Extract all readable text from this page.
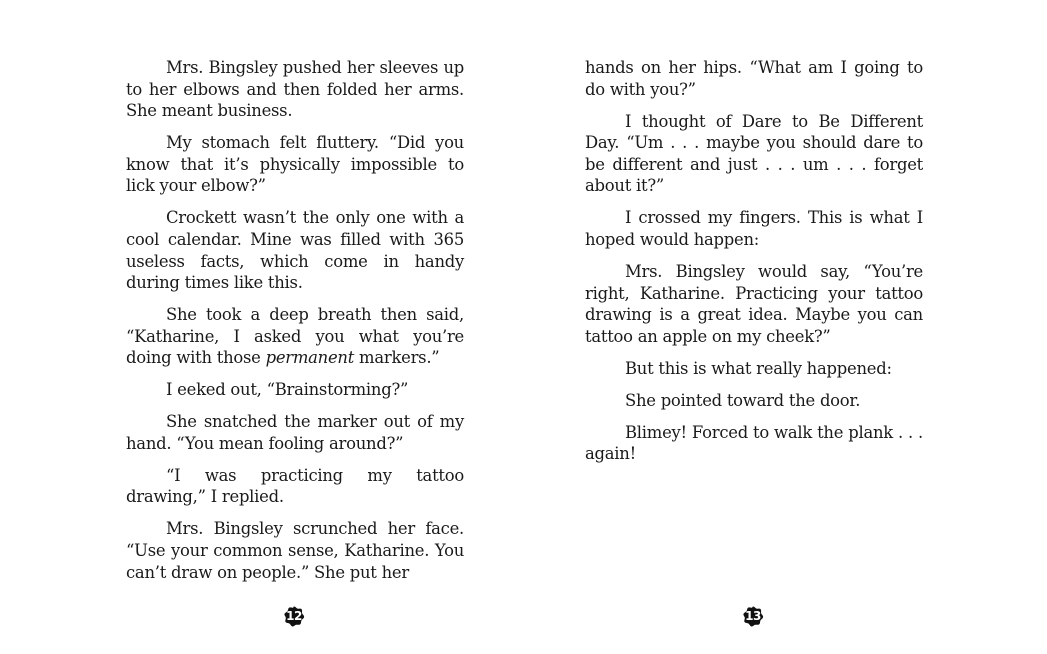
Mrs. Bingsley pushed her sleeves up to her elbows and then folded her arms. She meant business.

My stomach felt fluttery. “Did you know that it’s physically impossible to lick your elbow?”

Crockett wasn’t the only one with a cool calendar. Mine was filled with 365 useless facts, which come in handy during times like this.

She took a deep breath then said, “Katharine, I asked you what you’re doing with those permanent markers.”

I eeked out, “Brainstorming?”

She snatched the marker out of my hand. “You mean fooling around?”

“I was practicing my tattoo drawing,” I replied.

Mrs. Bingsley scrunched her face. “Use your common sense, Katharine. You can’t draw on people.” She put her

hands on her hips. “What am I going to do with you?”

I thought of Dare to Be Different Day. “Um . . . maybe you should dare to be different and just . . . um . . . forget about it?”

I crossed my fingers. This is what I hoped would happen:

Mrs. Bingsley would say, “You’re right, Katharine. Practicing your tattoo drawing is a great idea. Maybe you can tattoo an apple on my cheek?”

But this is what really happened:

She pointed toward the door.

Blimey! Forced to walk the plank . . . again!

12	13
